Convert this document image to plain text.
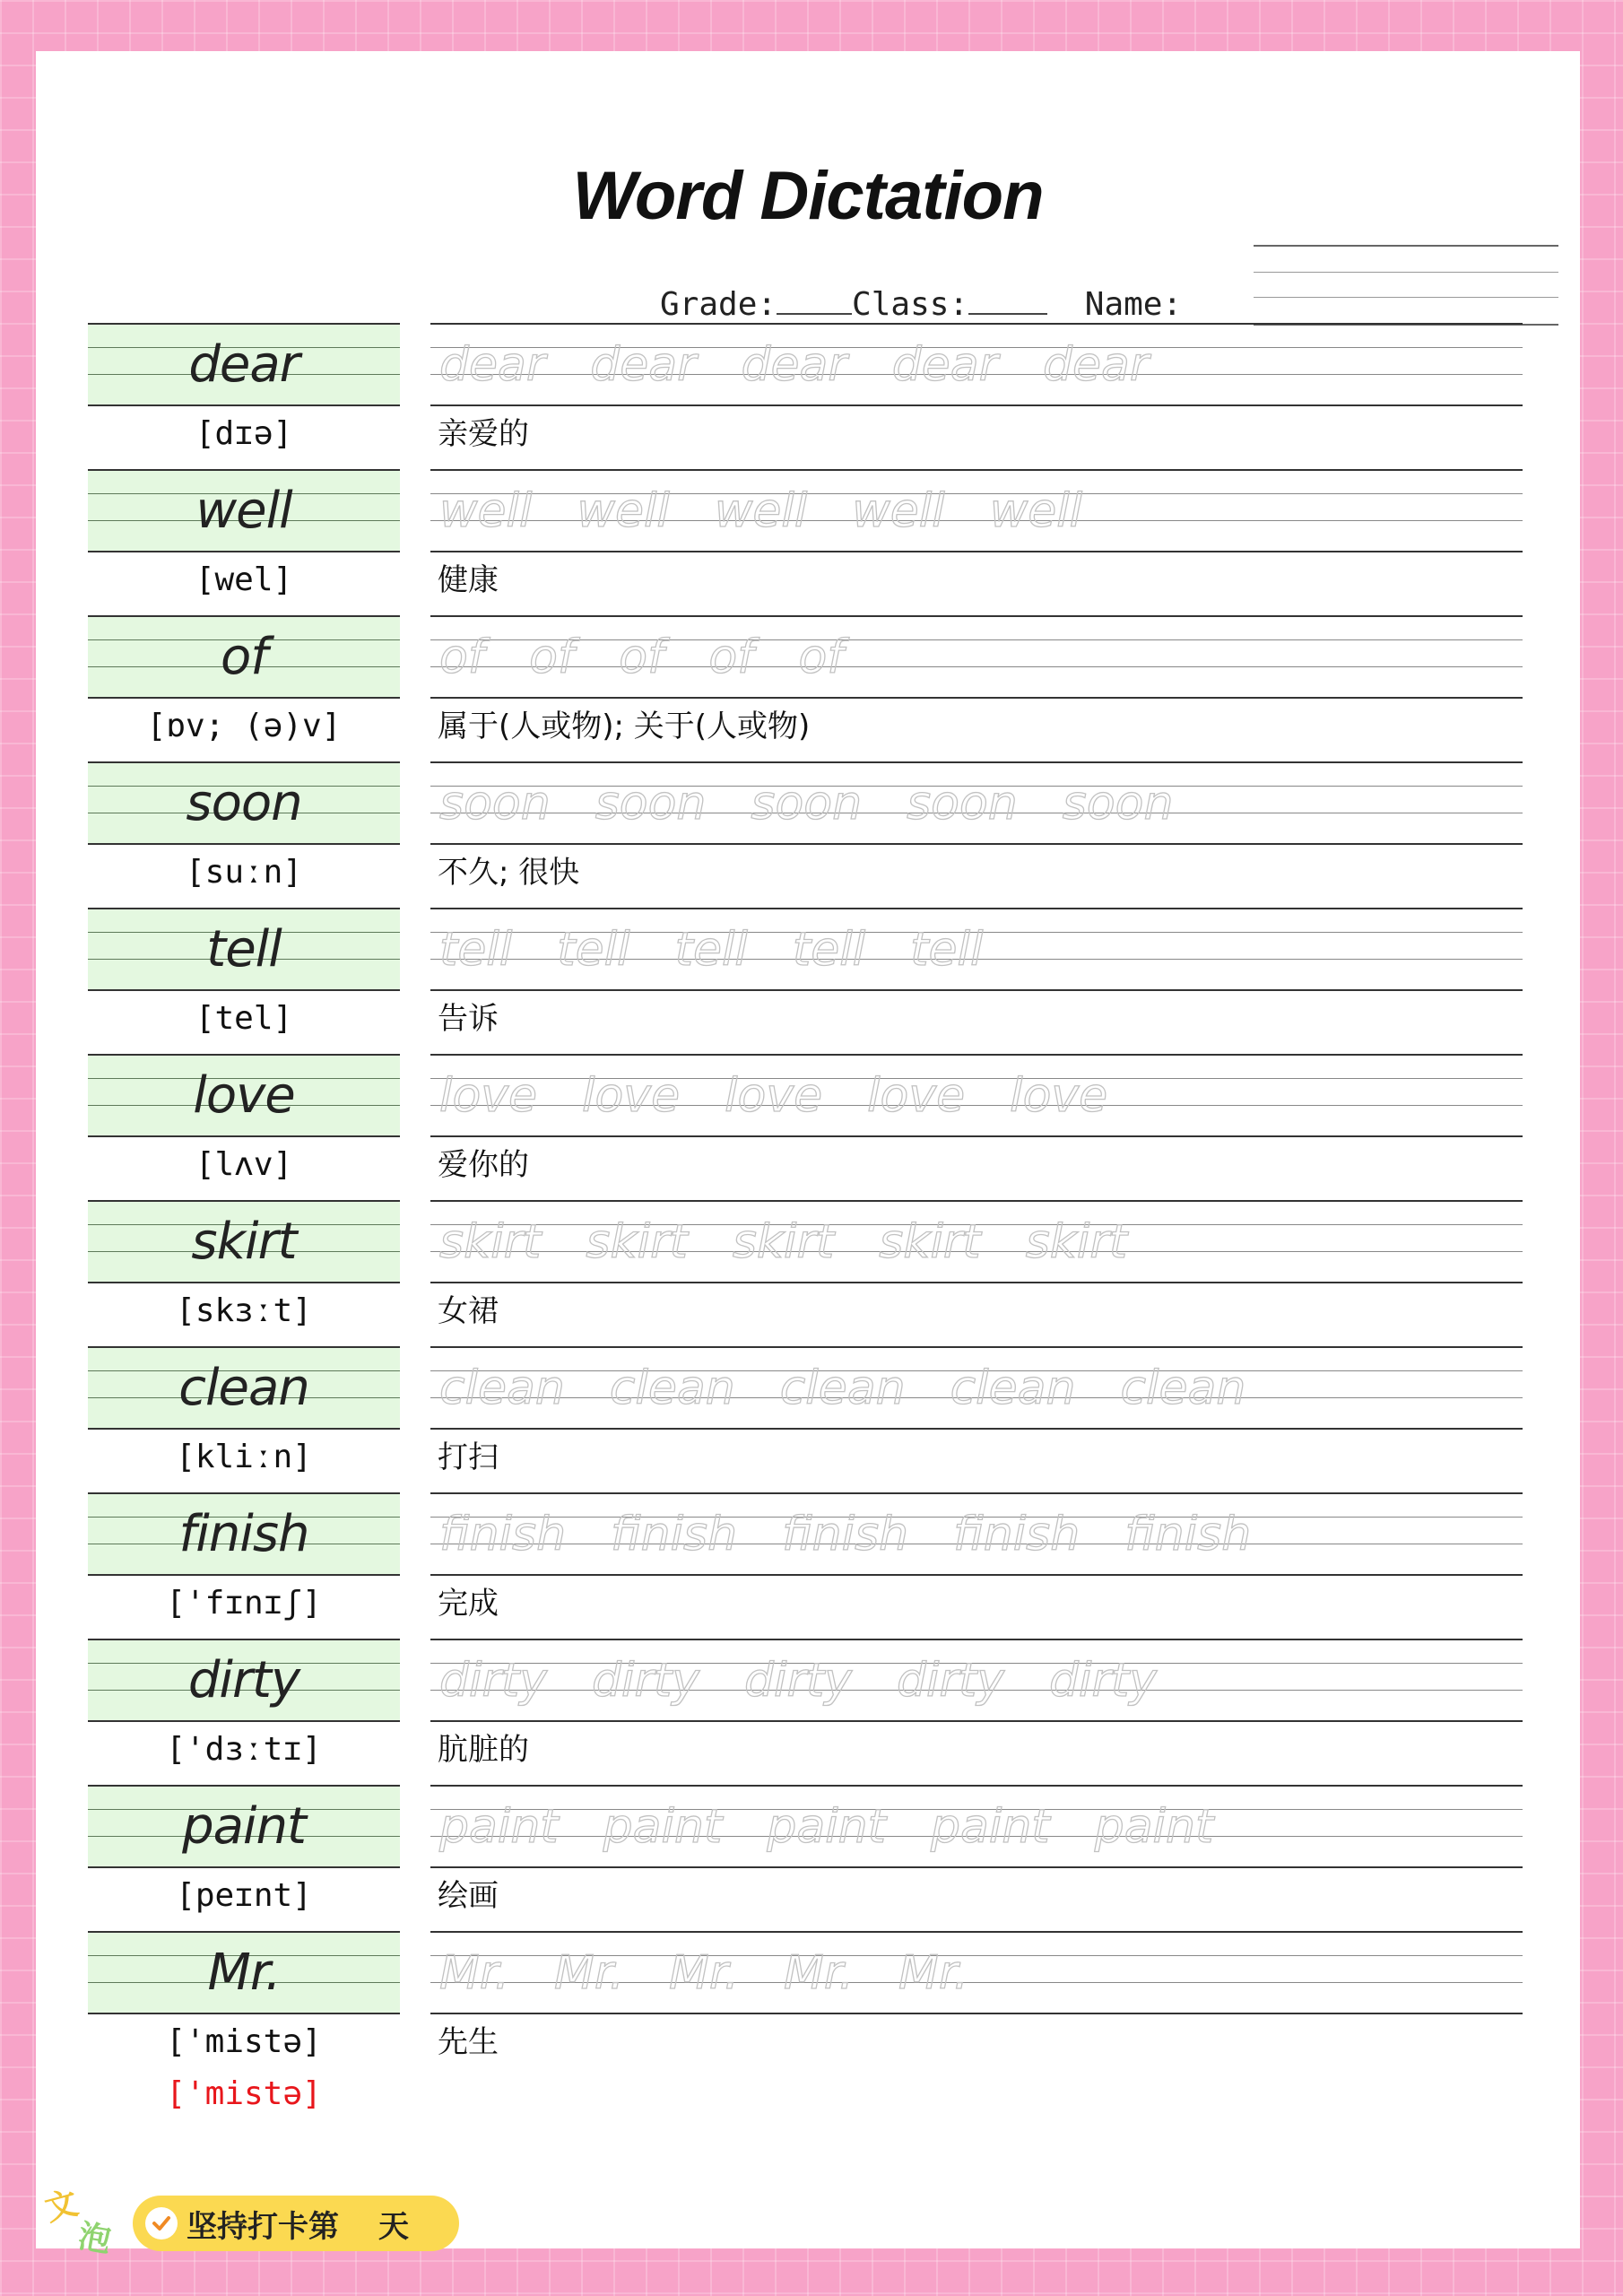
Word Dictation
Grade: Class:	Name:
dear	dear dear dear dear dear
[dɪə]	亲爱的
well	well well well well well
[wel]	健康
of	of of of of of
[ɒv; (ə)v]	属于(人或物); 关于(人或物)
soon	soon soon soon soon soon
[suːn]	不久; 很快
tell	tell tell tell tell tell
[tel]	告诉
love	love love love love love
[lʌv]	爱你的
skirt	skirt skirt skirt skirt skirt
[skɜːt]	女裙
clean	clean clean clean clean clean
[kliːn]	打扫
finish	finish finish finish finish finish
['fɪnɪʃ]	完成
dirty	dirty dirty dirty dirty dirty
['dɜːtɪ]	肮脏的
paint	paint paint paint paint paint
[peɪnt]	绘画
Mr.	Mr. Mr. Mr. Mr. Mr.
['mistə]	先生
['mistə]
文
泡 坚持打卡第 天
